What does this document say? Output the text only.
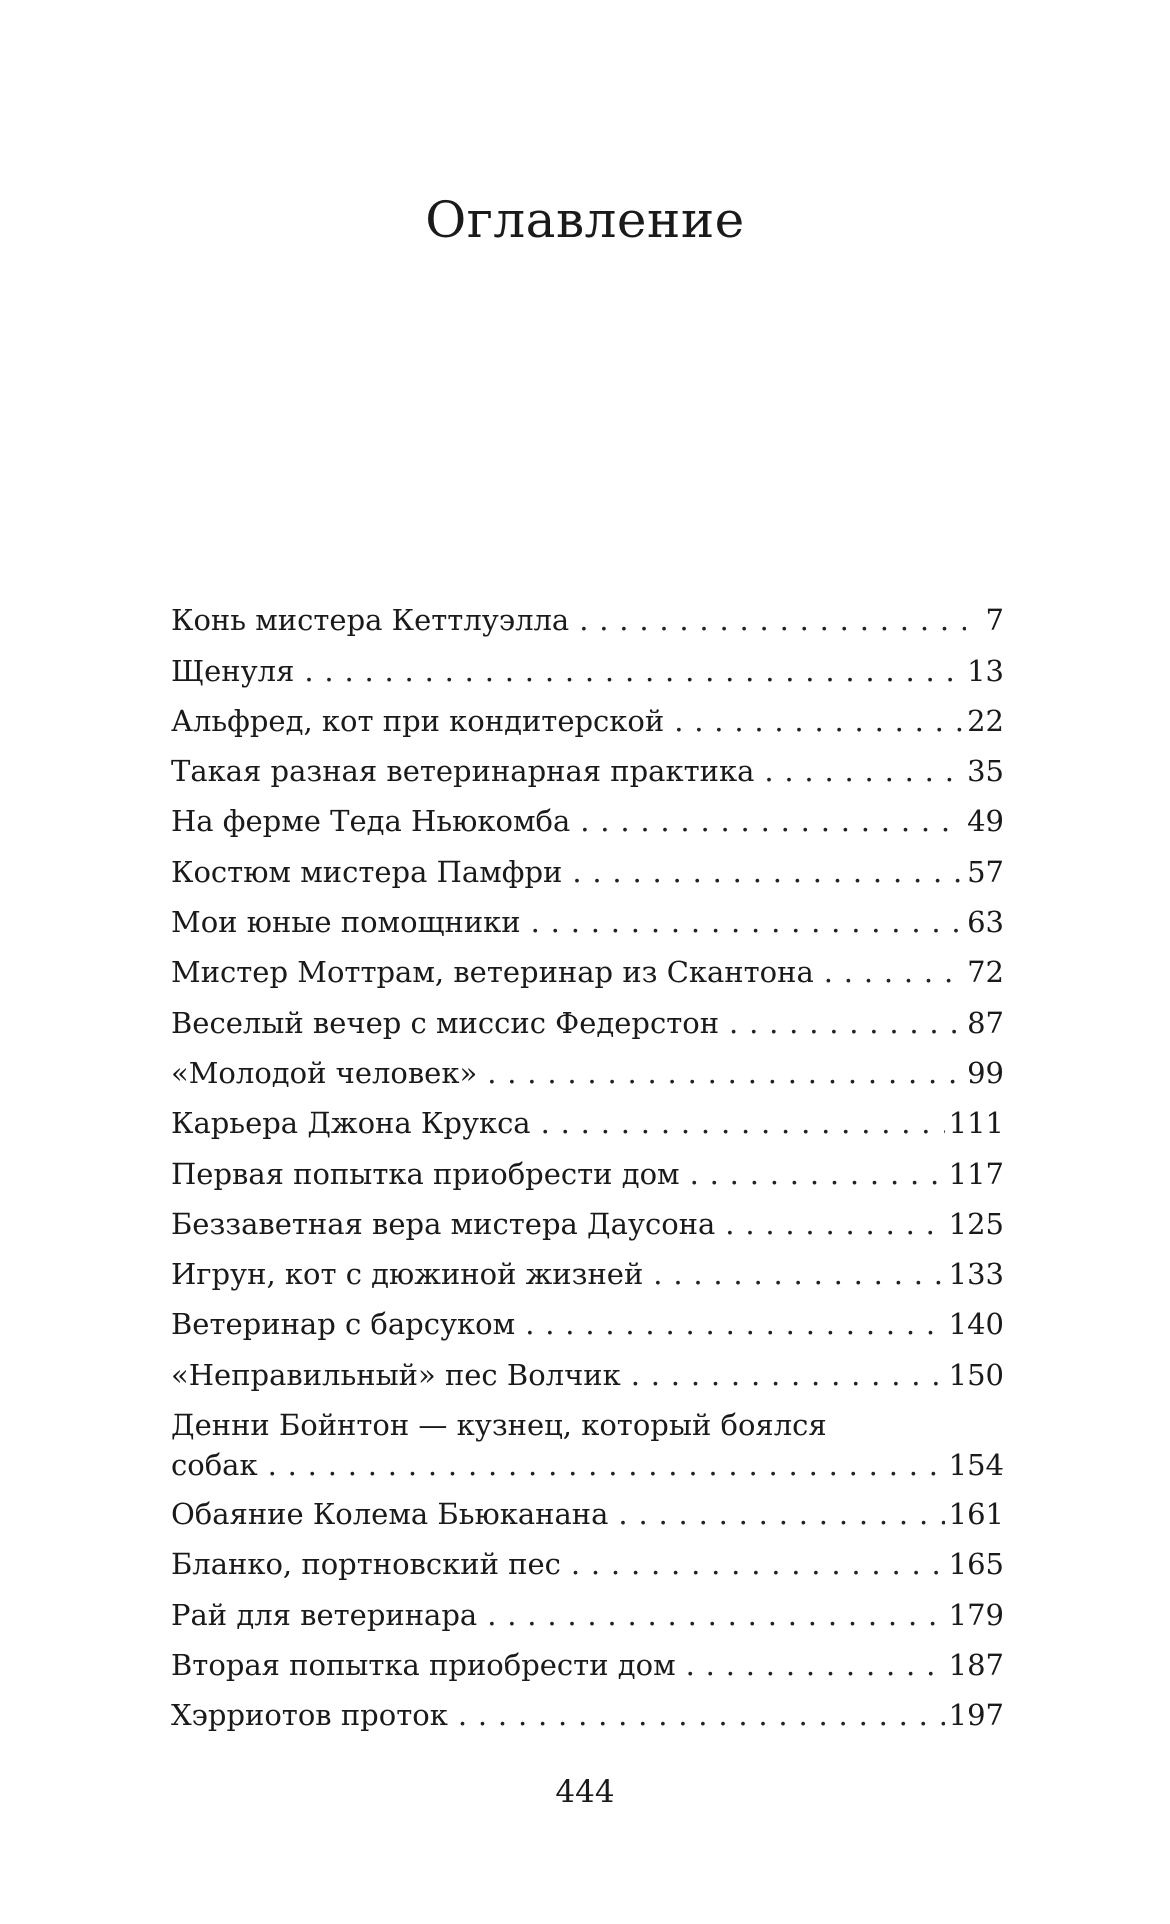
Оглавление
Конь мистера Кеттлуэлла . . .	7
Щенуля . . .	13
Альфред, кот при кондитерской . . .	22
Такая разная ветеринарная практика . . .	35
На ферме Теда Ньюкомба . . .	49
Костюм мистера Памфри . . .	57
Мои юные помощники . . .	63
Мистер Моттрам, ветеринар из Скантона . . .	72
Веселый вечер с миссис Федерстон . . .	87
«Молодой человек» . . .	99
Карьера Джона Крукса . . .	111
Первая попытка приобрести дом . . .	117
Беззаветная вера мистера Даусона . . .	125
Игрун, кот с дюжиной жизней . . .	133
Ветеринар с барсуком . . .	140
«Неправильный» пес Волчик . . .	150
Денни Бойнтон — кузнец, который боялся
собак . . .	154
Обаяние Колема Бьюканана . . .	161
Бланко, портновский пес . . .	165
Рай для ветеринара . . .	179
Вторая попытка приобрести дом . . .	187
Хэрриотов проток . . .	197
444
